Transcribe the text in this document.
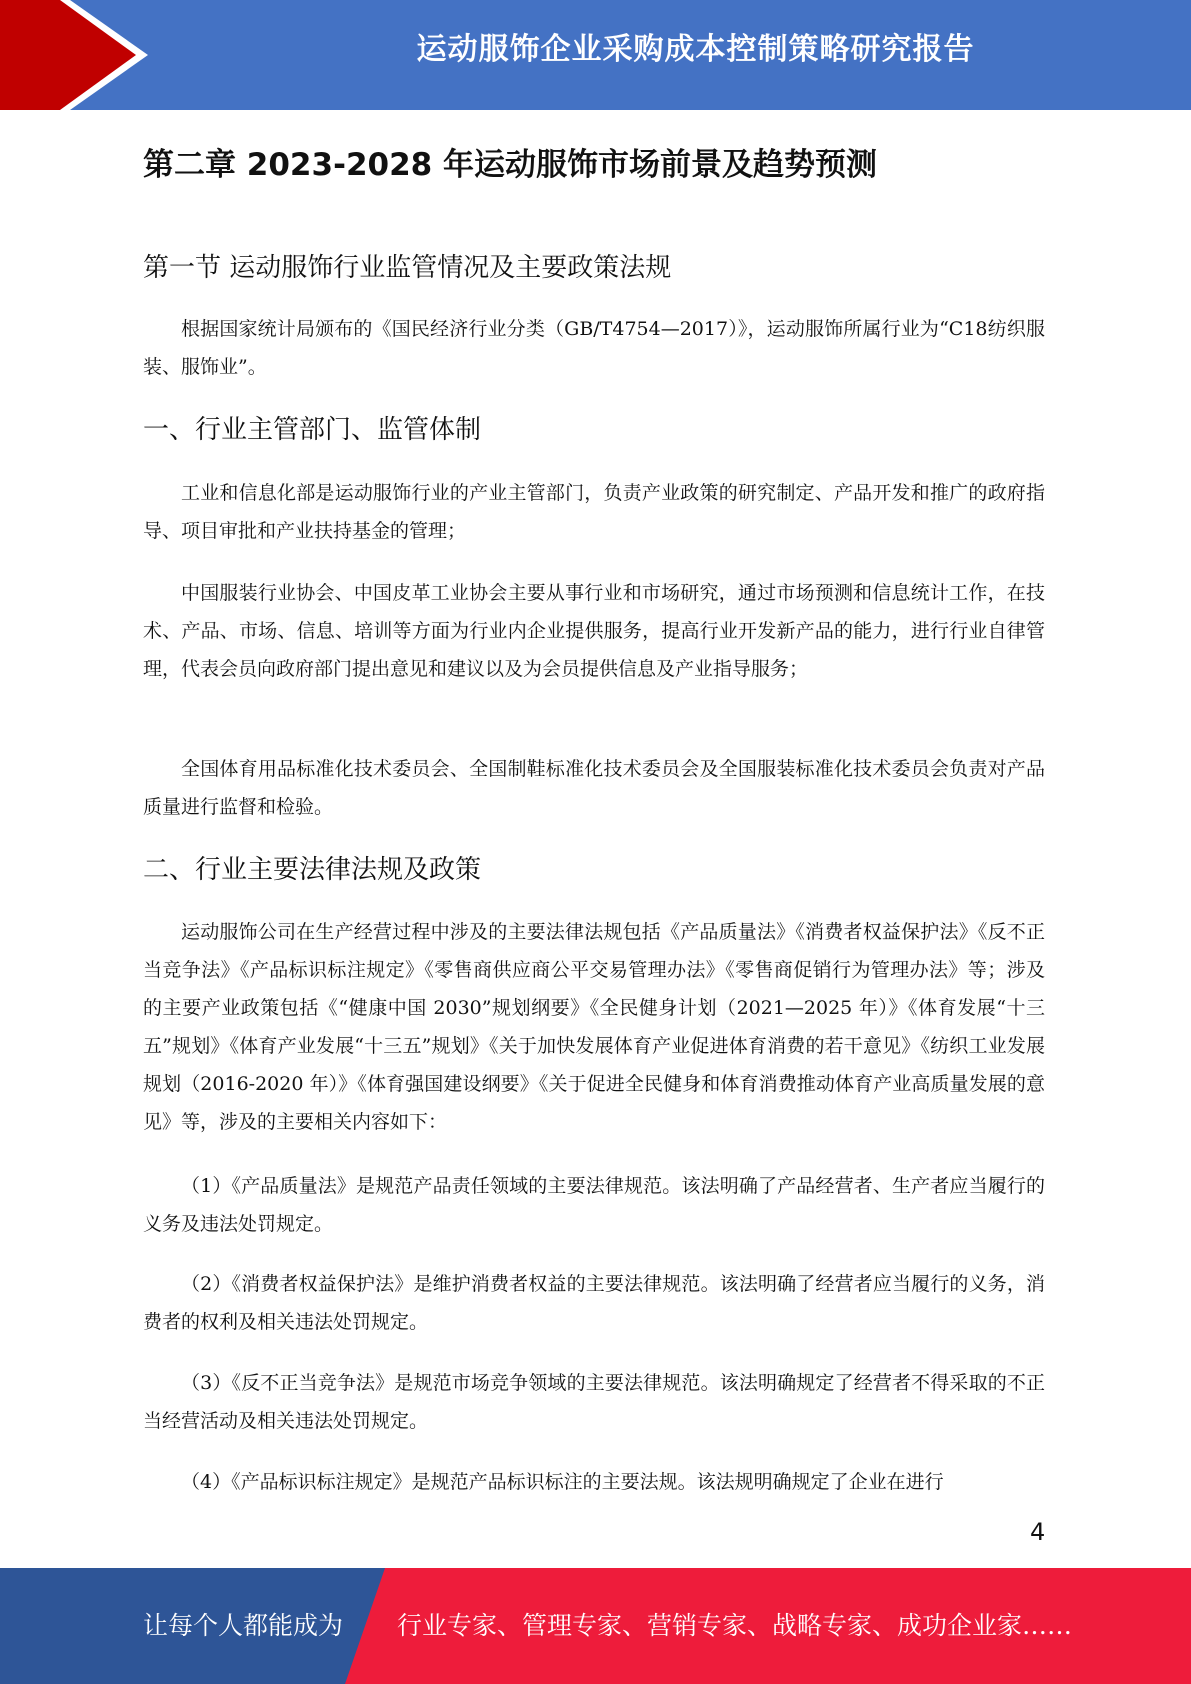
运动服饰企业采购成本控制策略研究报告
第二章 2023-2028 年运动服饰市场前景及趋势预测
第一节 运动服饰行业监管情况及主要政策法规

根据国家统计局颁布的《国民经济行业分类（GB/T4754—2017）》，运动服饰所属行业为“C18纺织服装、服饰业”。

一、行业主管部门、监管体制

工业和信息化部是运动服饰行业的产业主管部门，负责产业政策的研究制定、产品开发和推广的政府指导、项目审批和产业扶持基金的管理；

中国服装行业协会、中国皮革工业协会主要从事行业和市场研究，通过市场预测和信息统计工作，在技术、产品、市场、信息、培训等方面为行业内企业提供服务，提高行业开发新产品的能力，进行行业自律管理，代表会员向政府部门提出意见和建议以及为会员提供信息及产业指导服务；

全国体育用品标准化技术委员会、全国制鞋标准化技术委员会及全国服装标准化技术委员会负责对产品质量进行监督和检验。

二、行业主要法律法规及政策

运动服饰公司在生产经营过程中涉及的主要法律法规包括《产品质量法》《消费者权益保护法》《反不正当竞争法》《产品标识标注规定》《零售商供应商公平交易管理办法》《零售商促销行为管理办法》等；涉及的主要产业政策包括《“健康中国 2030”规划纲要》《全民健身计划（2021—2025 年）》《体育发展“十三五”规划》《体育产业发展“十三五”规划》《关于加快发展体育产业促进体育消费的若干意见》《纺织工业发展规划（2016-2020 年）》《体育强国建设纲要》《关于促进全民健身和体育消费推动体育产业高质量发展的意见》等，涉及的主要相关内容如下：

（1）《产品质量法》是规范产品责任领域的主要法律规范。该法明确了产品经营者、生产者应当履行的义务及违法处罚规定。

（2）《消费者权益保护法》是维护消费者权益的主要法律规范。该法明确了经营者应当履行的义务，消费者的权利及相关违法处罚规定。

（3）《反不正当竞争法》是规范市场竞争领域的主要法律规范。该法明确规定了经营者不得采取的不正当经营活动及相关违法处罚规定。

（4）《产品标识标注规定》是规范产品标识标注的主要法规。该法规明确规定了企业在进行

4
让每个人都能成为 行业专家、管理专家、营销专家、战略专家、成功企业家……
